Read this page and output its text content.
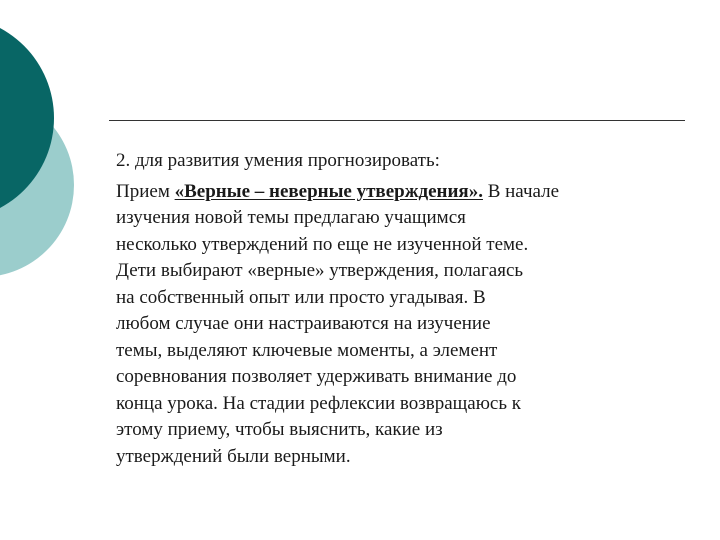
2. для развития умения прогнозировать:

Прием «Верные – неверные утверждения». В начале
изучения новой темы предлагаю учащимся
несколько утверждений по еще не изученной теме.
Дети выбирают «верные» утверждения, полагаясь
на собственный опыт или просто угадывая. В
любом случае они настраиваются на изучение
темы, выделяют ключевые моменты, а элемент
соревнования позволяет удерживать внимание до
конца урока. На стадии рефлексии возвращаюсь к
этому приему, чтобы выяснить, какие из
утверждений были верными.
